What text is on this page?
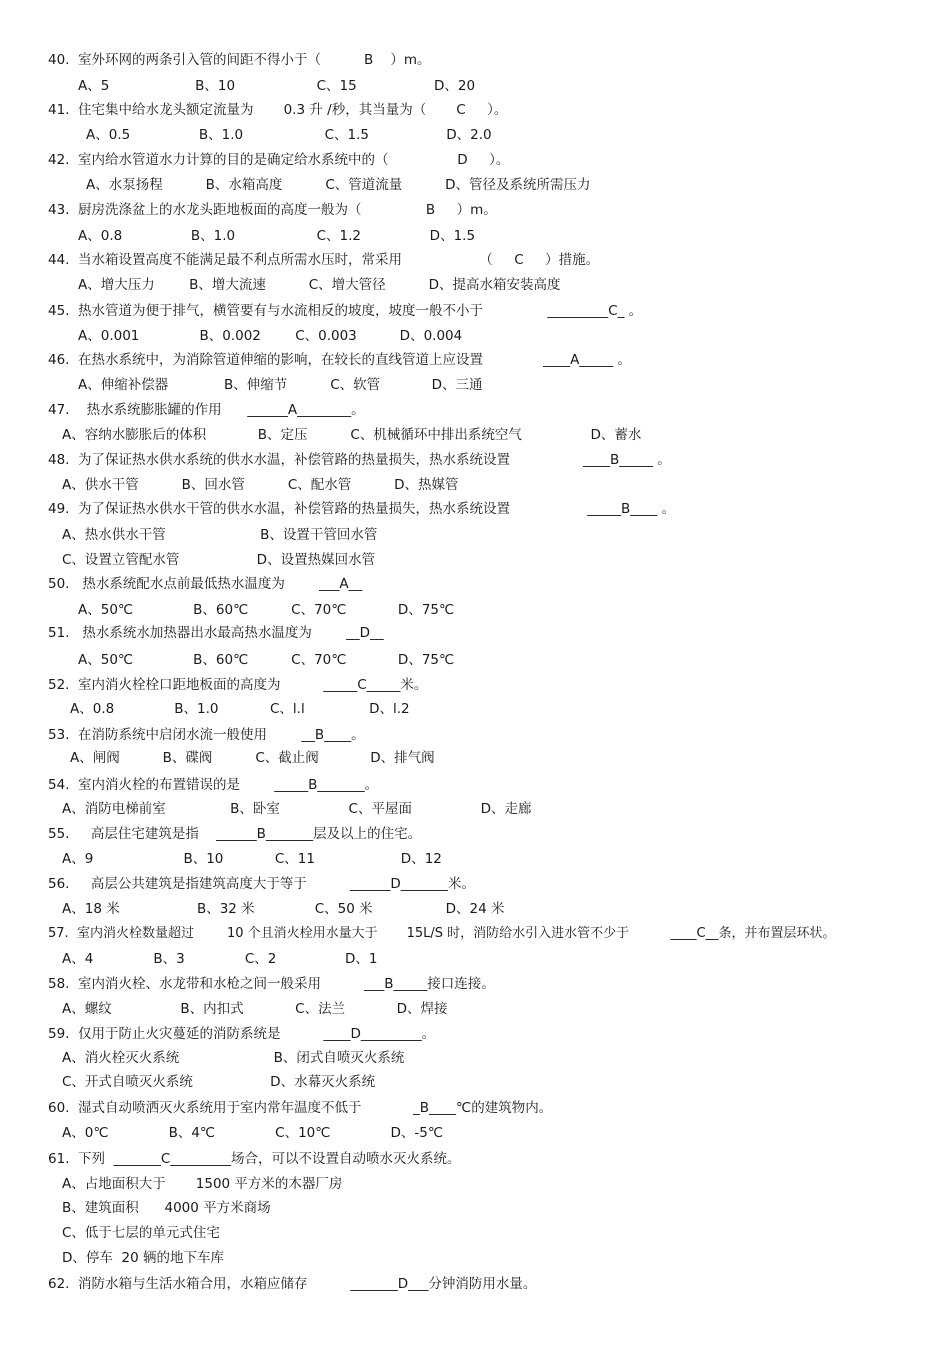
40.  室外环网的两条引入管的间距不得小于（          B    ）m。
A、5                    B、10                   C、15                  D、20
41.  住宅集中给水龙头额定流量为       0.3 升 /秒，其当量为（       C     ）。
A、0.5                B、1.0                   C、1.5                  D、2.0
42.  室内给水管道水力计算的目的是确定给水系统中的（                D     ）。
A、水泵扬程          B、水箱高度          C、管道流量          D、管径及系统所需压力
43.  厨房洗涤盆上的水龙头距地板面的高度一般为（               B     ）m。
A、0.8                B、1.0                   C、1.2                D、1.5
44.  当水箱设置高度不能满足最不利点所需水压时，常采用                  （     C     ）措施。
A、增大压力        B、增大流速          C、增大管径          D、提高水箱安装高度
45.  热水管道为便于排气，横管要有与水流相反的坡度，坡度一般不小于               _________C_ 。
A、0.001              B、0.002        C、0.003          D、0.004
46.  在热水系统中，为消除管道伸缩的影响，在较长的直线管道上应设置              ____A_____ 。
A、伸缩补偿器             B、伸缩节          C、软管            D、三通
47.    热水系统膨胀罐的作用      ______A________。
A、容纳水膨胀后的体积            B、定压          C、机械循环中排出系统空气                D、蓄水
48.  为了保证热水供水系统的供水水温，补偿管路的热量损失，热水系统设置                 ____B_____ 。
A、供水干管          B、回水管          C、配水管          D、热媒管
49.  为了保证热水供水干管的供水水温，补偿管路的热量损失，热水系统设置                  _____B____ 。
A、热水供水干管                      B、设置干管回水管
C、设置立管配水管                  D、设置热媒回水管
50.   热水系统配水点前最低热水温度为        ___A__
A、50℃              B、60℃          C、70℃            D、75℃
51.   热水系统水加热器出水最高热水温度为        __D__
A、50℃              B、60℃          C、70℃            D、75℃
52.  室内消火栓栓口距地板面的高度为          _____C_____米。
A、0.8              B、1.0            C、l.l               D、l.2
53.  在消防系统中启闭水流一般使用        __B____。
A、闸阀          B、碟阀          C、截止阀            D、排气阀
54.  室内消火栓的布置错误的是        _____B_______。
A、消防电梯前室               B、卧室                C、平屋面                D、走廊
55.     高层住宅建筑是指    ______B_______层及以上的住宅。
A、9                     B、10            C、11                    D、12
56.     高层公共建筑是指建筑高度大于等于          ______D_______米。
A、18 米                  B、32 米              C、50 米                 D、24 米
57.  室内消火栓数量超过        10 个且消火栓用水量大于       15L/S 时，消防给水引入进水管不少于          ____C__条，并布置层环状。
A、4              B、3              C、2                D、1
58.  室内消火栓、水龙带和水枪之间一般采用          ___B_____接口连接。
A、螺纹                B、内扣式            C、法兰            D、焊接
59.  仅用于防止火灾蔓延的消防系统是          ____D_________。
A、消火栓灭火系统                      B、闭式自喷灭火系统
C、开式自喷灭火系统                  D、水幕灭火系统
60.  湿式自动喷洒灭火系统用于室内常年温度不低于            _B____℃的建筑物内。
A、0℃              B、4℃              C、10℃              D、-5℃
61.  下列  _______C_________场合，可以不设置自动喷水灭火系统。
A、占地面积大于       1500 平方米的木器厂房
B、建筑面积      4000 平方米商场
C、低于七层的单元式住宅
D、停车  20 辆的地下车库
62.  消防水箱与生活水箱合用，水箱应储存          _______D___分钟消防用水量。
